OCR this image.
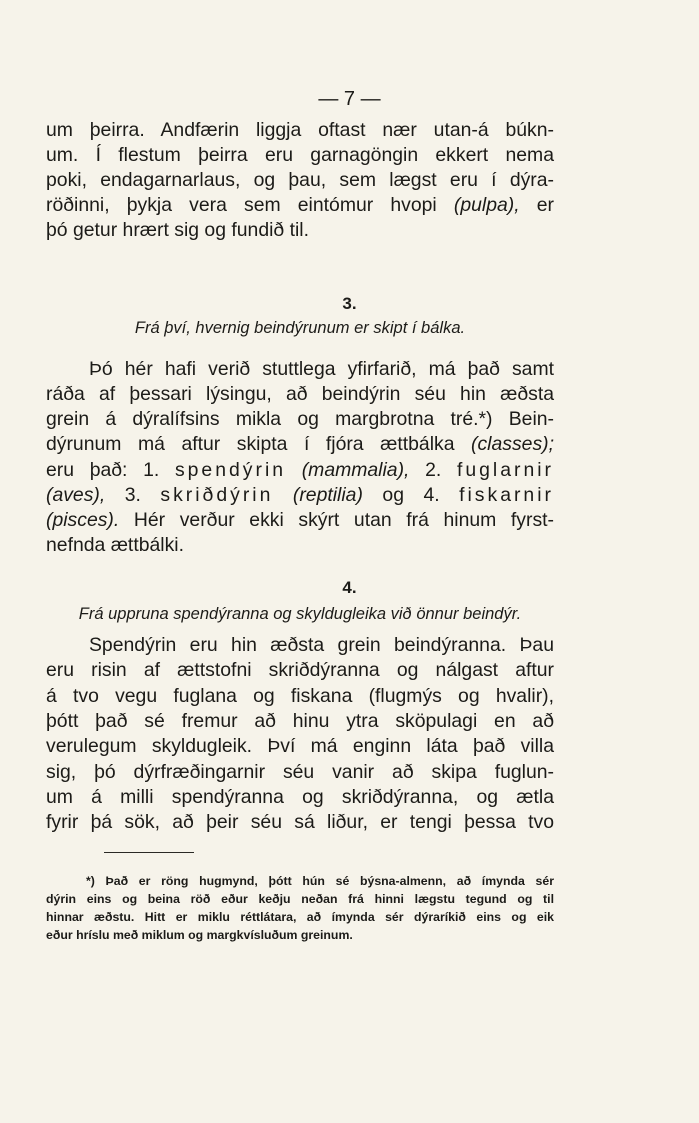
— 7 —
um þeirra. Andfærin liggja oftast nær utan-á búkn-
um. Í flestum þeirra eru garnagöngin ekkert nema
poki, endagarnarlaus, og þau, sem lægst eru í dýra-
röðinni, þykja vera sem eintómur hvopi (pulpa), er
þó getur hrært sig og fundið til.
3.
Frá því, hvernig beindýrunum er skipt í bálka.
Þó hér hafi verið stuttlega yfirfarið, má það samt
ráða af þessari lýsingu, að beindýrin séu hin æðsta
grein á dýralífsins mikla og margbrotna tré.*) Bein-
dýrunum má aftur skipta í fjóra ættbálka (classes);
eru það: 1. spendýrin (mammalia), 2. fuglarnir
(aves), 3. skriðdýrin (reptilia) og 4. fiskarnir
(pisces). Hér verður ekki skýrt utan frá hinum fyrst-
nefnda ættbálki.
4.
Frá uppruna spendýranna og skyldugleika við önnur beindýr.
Spendýrin eru hin æðsta grein beindýranna. Þau
eru risin af ættstofni skriðdýranna og nálgast aftur
á tvo vegu fuglana og fiskana (flugmýs og hvalir),
þótt það sé fremur að hinu ytra sköpulagi en að
verulegum skyldugleik. Því má enginn láta það villa
sig, þó dýrfræðingarnir séu vanir að skipa fuglun-
um á milli spendýranna og skriðdýranna, og ætla
fyrir þá sök, að þeir séu sá liður, er tengi þessa tvo
*) Það er röng hugmynd, þótt hún sé býsna-almenn, að ímynda sér
dýrin eins og beina röð eður keðju neðan frá hinni lægstu tegund og til
hinnar æðstu. Hitt er miklu réttlátara, að ímynda sér dýraríkið eins og eik
eður hríslu með miklum og margkvísluðum greinum.
